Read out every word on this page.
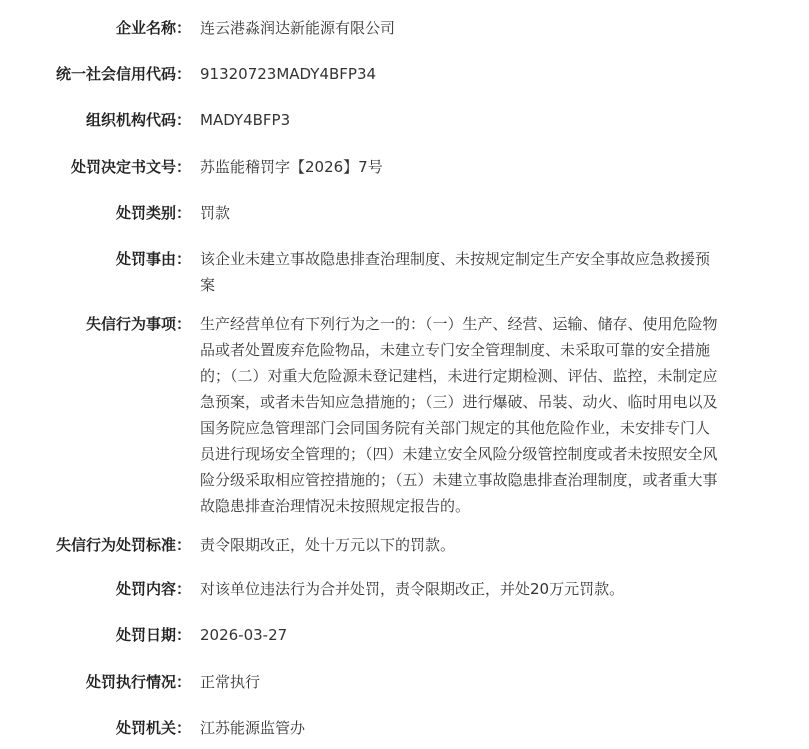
企业名称： 连云港淼润达新能源有限公司
统一社会信用代码： 91320723MADY4BFP34
组织机构代码： MADY4BFP3
处罚决定书文号： 苏监能稽罚字【2026】7号
处罚类别： 罚款
处罚事由： 该企业未建立事故隐患排查治理制度、未按规定制定生产安全事故应急救援预案
失信行为事项： 生产经营单位有下列行为之一的：（一）生产、经营、运输、储存、使用危险物品或者处置废弃危险物品，未建立专门安全管理制度、未采取可靠的安全措施的；（二）对重大危险源未登记建档，未进行定期检测、评估、监控，未制定应急预案，或者未告知应急措施的；（三）进行爆破、吊装、动火、临时用电以及国务院应急管理部门会同国务院有关部门规定的其他危险作业，未安排专门人员进行现场安全管理的；（四）未建立安全风险分级管控制度或者未按照安全风险分级采取相应管控措施的；（五）未建立事故隐患排查治理制度，或者重大事故隐患排查治理情况未按照规定报告的。
失信行为处罚标准： 责令限期改正，处十万元以下的罚款。
处罚内容： 对该单位违法行为合并处罚，责令限期改正，并处20万元罚款。
处罚日期： 2026-03-27
处罚执行情况： 正常执行
处罚机关： 江苏能源监管办
